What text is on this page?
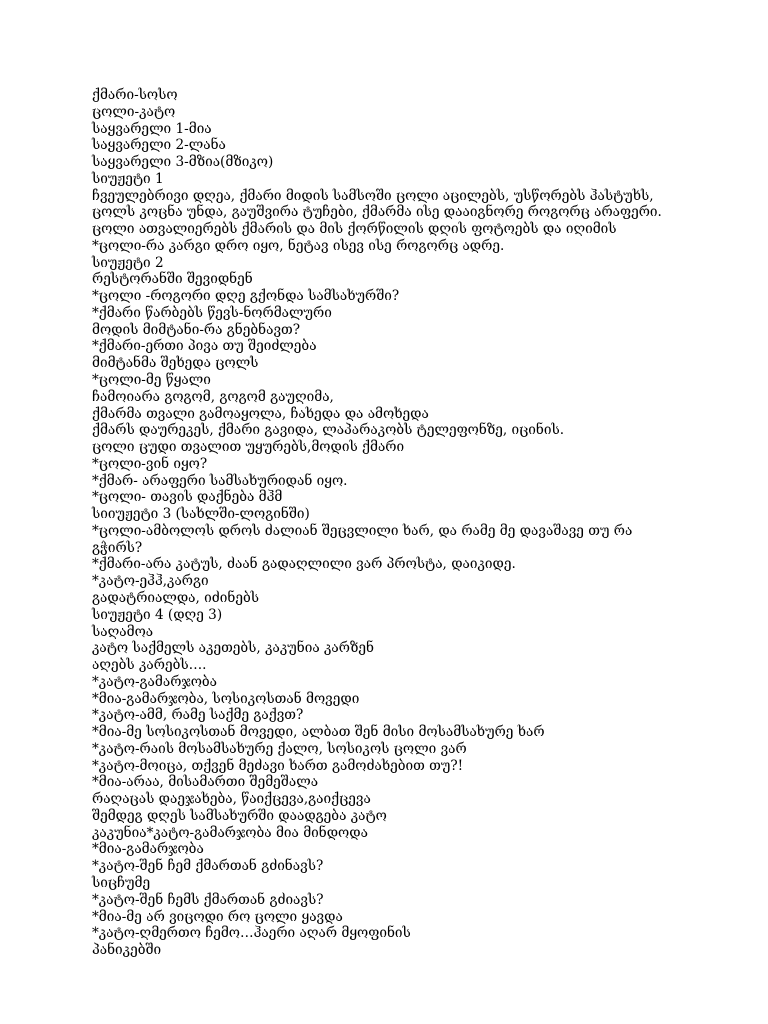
ქმარი-სოსო
ცოლი-კატო
საყვარელი 1-მია
საყვარელი 2-ლანა
საყვარელი 3-მზია(მზიკო)
სიუჟეტი 1
ჩვეულებრივი დღეა, ქმარი მიდის სამსოში ცოლი აცილებს, უსწორებს ჰასტუხს,
ცოლს კოცნა უნდა, გაუშვირა ტუჩები, ქმარმა ისე დააიგნორე როგორც არაფერი.
ცოლი ათვალიერებს ქმარის და მის ქორწილის დღის ფოტოებს და იღიმის
*ცოლი-რა კარგი დრო იყო, ნეტავ ისევ ისე როგორც ადრე.
სიუჟეტი 2
რესტორანში შევიდნენ
*ცოლი -როგორი დღე გქონდა სამსახურში?
*ქმარი წარბებს წევს-ნორმალური
მოდის მიმტანი-რა გნებნავთ?
*ქმარი-ერთი პივა თუ შეიძლება
მიმტანმა შეხედა ცოლს
*ცოლი-მე წყალი
ჩამოიარა გოგომ, გოგომ გაუღიმა,
ქმარმა თვალი გამოაყოლა, ჩახედა და ამოხედა
ქმარს დაურეკეს, ქმარი გავიდა, ლაპარაკობს ტელეფონზე, იცინის.
ცოლი ცუდი თვალით უყურებს,მოდის ქმარი
*ცოლი-ვინ იყო?
*ქმარ- არაფერი სამსახურიდან იყო.
*ცოლი- თავის დაქნება მჰმ
სიიუჟეტი 3 (სახლში-ლოგინში)
*ცოლი-ამბოლოს დროს ძალიან შეცვლილი ხარ, და რამე მე დავაშავე თუ რა
გჭირს?
*ქმარი-არა კატუს, ძაან გადაღლილი ვარ პროსტა, დაიკიდე.
*კატო-ეჰჰ,კარგი
გადატრიალდა, იძინებს
სიუჟეტი 4 (დღე 3)
საღამოა
კატო საქმელს აკეთებს, კაკუნია კარზენ
აღებს კარებს….
*კატო-გამარჯობა
*მია-გამარჯობა, სოსიკოსთან მოვედი
*კატო-ამმ, რამე საქმე გაქვთ?
*მია-მე სოსიკოსთან მოვედი, ალბათ შენ მისი მოსამსახურე ხარ
*კატო-რაის მოსამსახურე ქალო, სოსიკოს ცოლი ვარ
*კატო-მოიცა, თქვენ მეძავი ხართ გამოძახებით თუ?!
*მია-არაა, მისამართი შემეშალა
რაღაცას დაეჯახება, წაიქცევა,გაიქცევა
შემდეგ დღეს სამსახურში დაადგება კატო
კაკუნია*კატო-გამარჯობა მია მინდოდა
*მია-გამარჯობა
*კატო-შენ ჩემ ქმართან გძინავს?
სიცჩუმე
*კატო-შენ ჩემს ქმართან გძიავს?
*მია-მე არ ვიცოდი რო ცოლი ყავდა
*კატო-ღმერთო ჩემო…ჰაერი აღარ მყოფინის
პანიკებში
